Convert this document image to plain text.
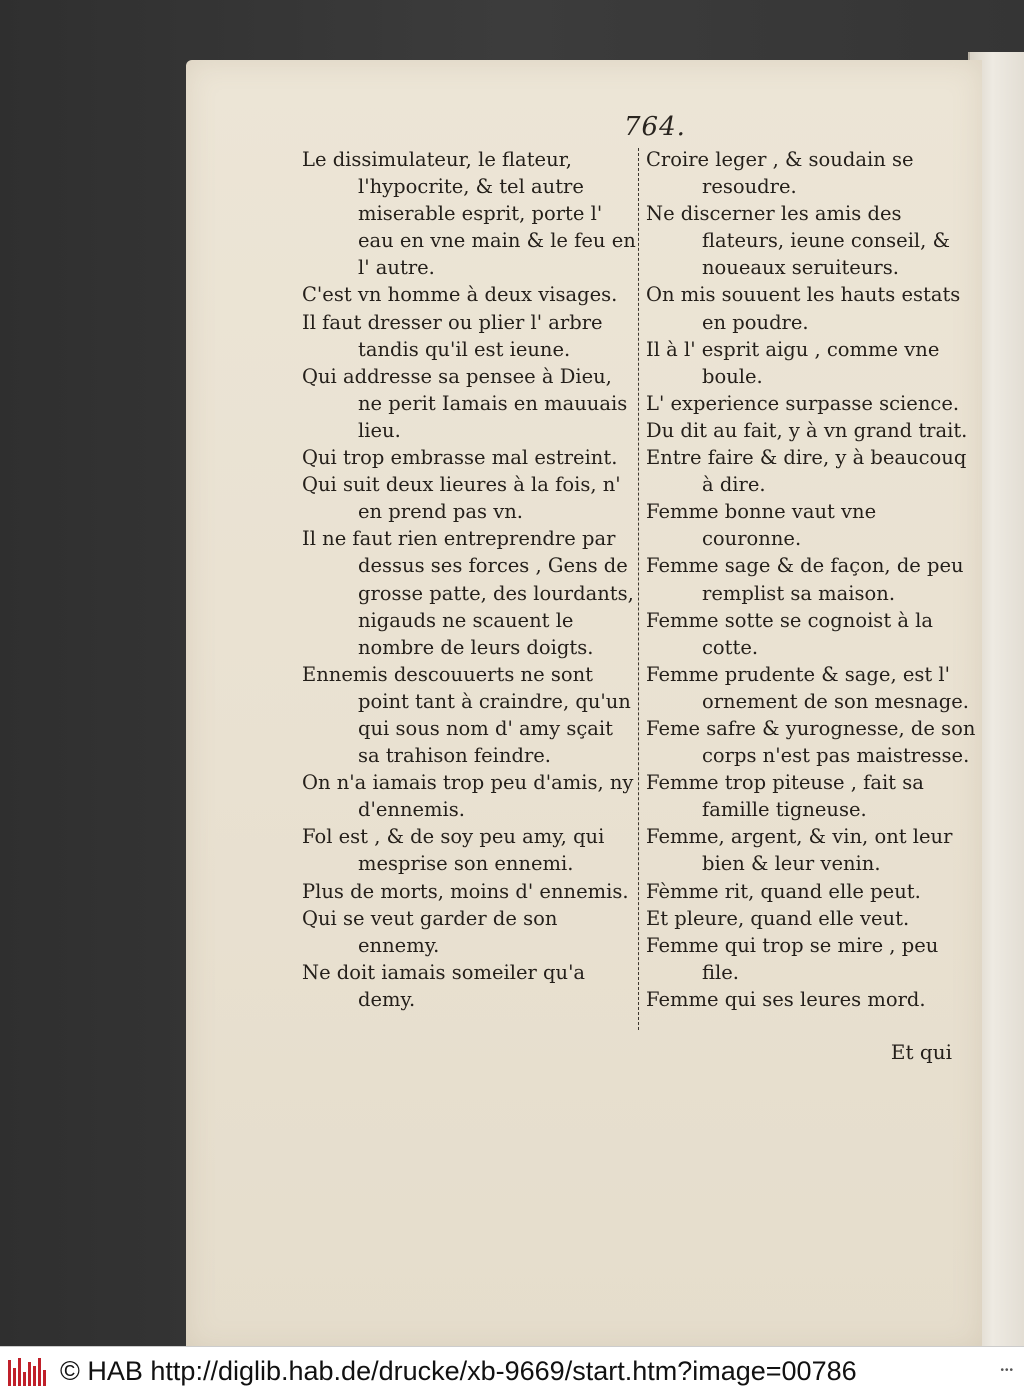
764.
Le dissimulateur, le flateur, l'hypocrite, & tel autre miserable esprit, porte l' eau en vne main & le feu en l' autre.
C'est vn homme à deux visages.
Il faut dresser ou plier l' arbre tandis qu'il est ieune.
Qui addresse sa pensee à Dieu, ne perit Iamais en mauuais lieu.
Qui trop embrasse mal estreint.
Qui suit deux lieures à la fois, n' en prend pas vn.
Il ne faut rien entreprendre par dessus ses forces , Gens de grosse patte, des lourdants, nigauds ne scauent le nombre de leurs doigts.
Ennemis descouuerts ne sont point tant à craindre, qu'un qui sous nom d' amy sçait sa trahison feindre.
On n'a iamais trop peu d'amis, ny d'ennemis.
Fol est , & de soy peu amy, qui mesprise son ennemi.
Plus de morts, moins d' ennemis.
Qui se veut garder de son ennemy.
Ne doit iamais someiler qu'a demy.
Croire leger , & soudain se resoudre.
Ne discerner les amis des flateurs, ieune conseil, & noueaux seruiteurs.
On mis souuent les hauts estats en poudre.
Il à l' esprit aigu , comme vne boule.
L' experience surpasse science.
Du dit au fait, y à vn grand trait.
Entre faire & dire, y à beaucouq à dire.
Femme bonne vaut vne couronne.
Femme sage & de façon, de peu remplist sa maison.
Femme sotte se cognoist à la cotte.
Femme prudente & sage, est l' ornement de son mesnage.
Feme safre & yurognesse, de son corps n'est pas maistresse.
Femme trop piteuse , fait sa famille tigneuse.
Femme, argent, & vin, ont leur bien & leur venin.
Fèmme rit, quand elle peut.
Et pleure, quand elle veut.
Femme qui trop se mire , peu file.
Femme qui ses leures mord.
Et qui
© HAB http://diglib.hab.de/drucke/xb-9669/start.htm?image=00786	•••
